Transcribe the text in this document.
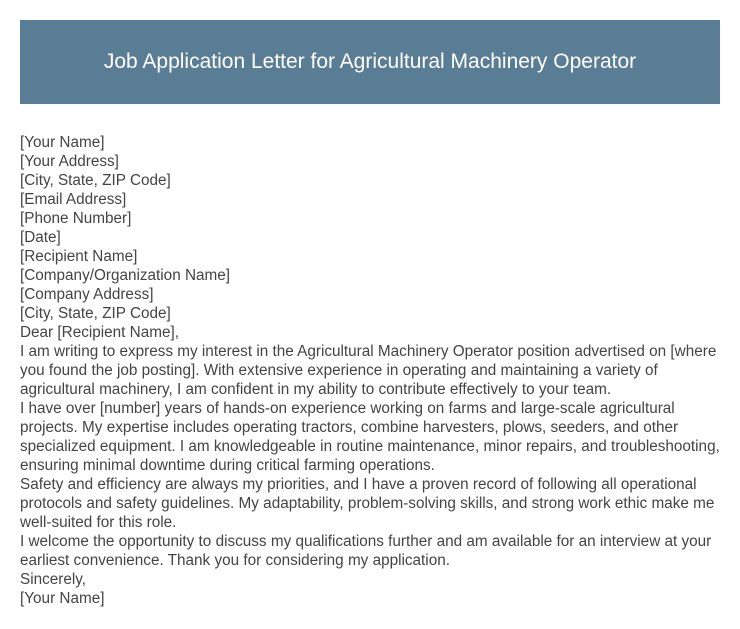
Job Application Letter for Agricultural Machinery Operator
[Your Name]
[Your Address]
[City, State, ZIP Code]
[Email Address]
[Phone Number]
[Date]
[Recipient Name]
[Company/Organization Name]
[Company Address]
[City, State, ZIP Code]
Dear [Recipient Name],

I am writing to express my interest in the Agricultural Machinery Operator position advertised on [where you found the job posting]. With extensive experience in operating and maintaining a variety of agricultural machinery, I am confident in my ability to contribute effectively to your team.

I have over [number] years of hands-on experience working on farms and large-scale agricultural projects. My expertise includes operating tractors, combine harvesters, plows, seeders, and other specialized equipment. I am knowledgeable in routine maintenance, minor repairs, and troubleshooting, ensuring minimal downtime during critical farming operations.

Safety and efficiency are always my priorities, and I have a proven record of following all operational protocols and safety guidelines. My adaptability, problem-solving skills, and strong work ethic make me well-suited for this role.

I welcome the opportunity to discuss my qualifications further and am available for an interview at your earliest convenience. Thank you for considering my application.

Sincerely,
[Your Name]
